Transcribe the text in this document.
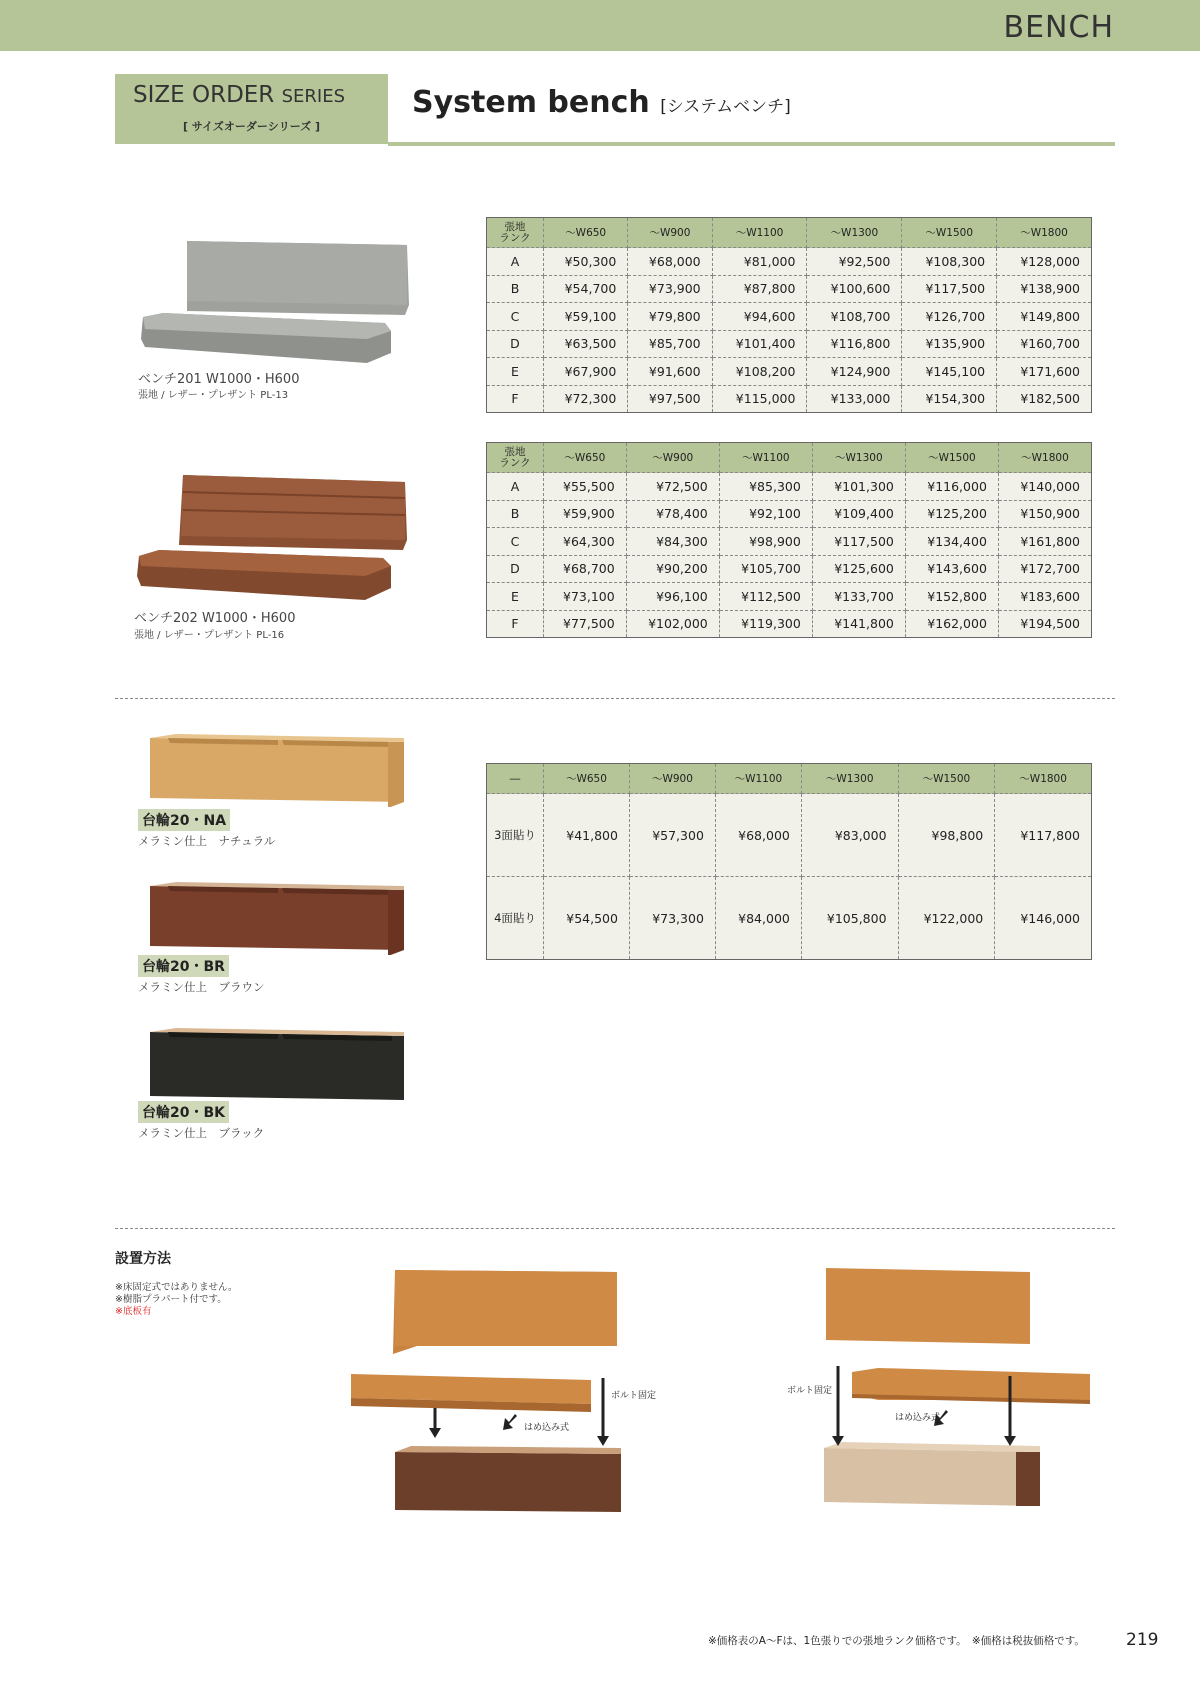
BENCH
SIZE ORDER SERIES
[ サイズオーダーシリーズ ]
System bench [システムベンチ]
ベンチ201 W1000・H600
張地 / レザー・プレザント PL-13
張地
ランク	～W650	～W900	～W1100	～W1300	～W1500	～W1800
A	¥50,300	¥68,000	¥81,000	¥92,500	¥108,300	¥128,000
B	¥54,700	¥73,900	¥87,800	¥100,600	¥117,500	¥138,900
C	¥59,100	¥79,800	¥94,600	¥108,700	¥126,700	¥149,800
D	¥63,500	¥85,700	¥101,400	¥116,800	¥135,900	¥160,700
E	¥67,900	¥91,600	¥108,200	¥124,900	¥145,100	¥171,600
F	¥72,300	¥97,500	¥115,000	¥133,000	¥154,300	¥182,500
ベンチ202 W1000・H600
張地 / レザー・プレザント PL-16
張地
ランク	～W650	～W900	～W1100	～W1300	～W1500	～W1800
A	¥55,500	¥72,500	¥85,300	¥101,300	¥116,000	¥140,000
B	¥59,900	¥78,400	¥92,100	¥109,400	¥125,200	¥150,900
C	¥64,300	¥84,300	¥98,900	¥117,500	¥134,400	¥161,800
D	¥68,700	¥90,200	¥105,700	¥125,600	¥143,600	¥172,700
E	¥73,100	¥96,100	¥112,500	¥133,700	¥152,800	¥183,600
F	¥77,500	¥102,000	¥119,300	¥141,800	¥162,000	¥194,500
台輪20・NA
メラミン仕上　ナチュラル
台輪20・BR
メラミン仕上　ブラウン
台輪20・BK
メラミン仕上　ブラック
―	～W650	～W900	～W1100	～W1300	～W1500	～W1800
3面貼り	¥41,800	¥57,300	¥68,000	¥83,000	¥98,800	¥117,800
4面貼り	¥54,500	¥73,300	¥84,000	¥105,800	¥122,000	¥146,000
設置方法
※床固定式ではありません。
※樹脂プラパート付です。
※底板有
ボルト固定
はめ込み式
ボルト固定
はめ込み式
※価格表のA～Fは、1色張りでの張地ランク価格です。　※価格は税抜価格です。 219
